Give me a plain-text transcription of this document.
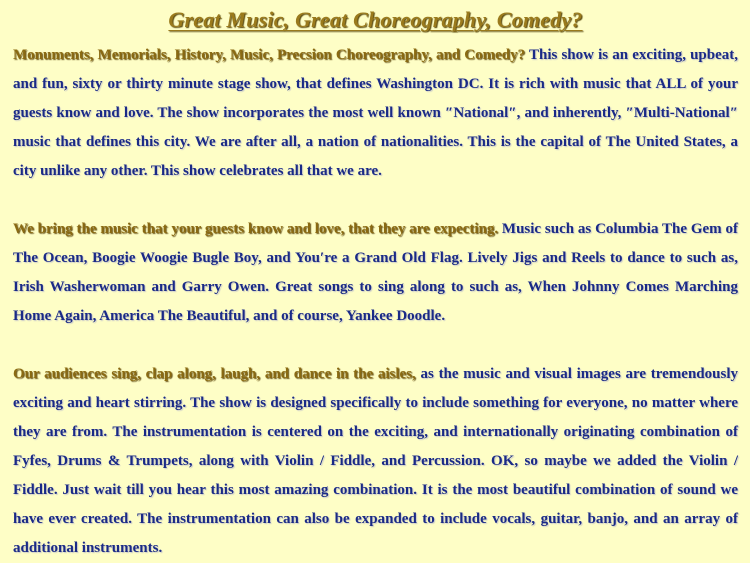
Great Music, Great Choreography, Comedy?

Monuments, Memorials, History, Music, Precsion Choreography, and Comedy? This show is an exciting, upbeat, and fun, sixty or thirty minute stage show, that defines Washington DC. It is rich with music that ALL of your guests know and love. The show incorporates the most well known ″National″, and inherently, ″Multi-National″ music that defines this city. We are after all, a nation of nationalities. This is the capital of The United States, a city unlike any other. This show celebrates all that we are.

We bring the music that your guests know and love, that they are expecting. Music such as Columbia The Gem of The Ocean, Boogie Woogie Bugle Boy, and You′re a Grand Old Flag. Lively Jigs and Reels to dance to such as, Irish Washerwoman and Garry Owen. Great songs to sing along to such as, When Johnny Comes Marching Home Again, America The Beautiful, and of course, Yankee Doodle.

Our audiences sing, clap along, laugh, and dance in the aisles, as the music and visual images are tremendously exciting and heart stirring. The show is designed specifically to include something for everyone, no matter where they are from. The instrumentation is centered on the exciting, and internationally originating combination of Fyfes, Drums & Trumpets, along with Violin / Fiddle, and Percussion. OK, so maybe we added the Violin / Fiddle. Just wait till you hear this most amazing combination. It is the most beautiful combination of sound we have ever created. The instrumentation can also be expanded to include vocals, guitar, banjo, and an array of additional instruments.
